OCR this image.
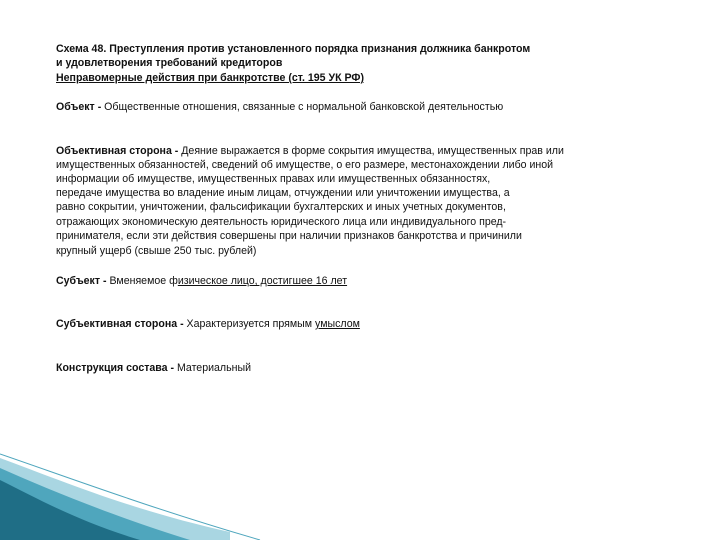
Схема 48. Преступления против установленного порядка признания должника банкротом
и удовлетворения требований кредиторов
Неправомерные действия при банкротстве (ст. 195 УК РФ)
Объект - Общественные отношения, связанные с нормальной банковской деятельностью
Объективная сторона - Деяние выражается в форме сокрытия имущества, имущественных прав или
имущественных обязанностей, сведений об имуществе, о его размере, местонахождении либо иной
информации об имуществе, имущественных правах или имущественных обязанностях,
передаче имущества во владение иным лицам, отчуждении или уничтожении имущества, а
равно сокрытии, уничтожении, фальсификации бухгалтерских и иных учетных документов,
отражающих экономическую деятельность юридического лица или индивидуального пред-
принимателя, если эти действия совершены при наличии признаков банкротства и причинили
крупный ущерб (свыше 250 тыс. рублей)
Субъект - Вменяемое физическое лицо, достигшее 16 лет
Субъективная сторона - Характеризуется прямым умыслом
Конструкция состава - Материальный
